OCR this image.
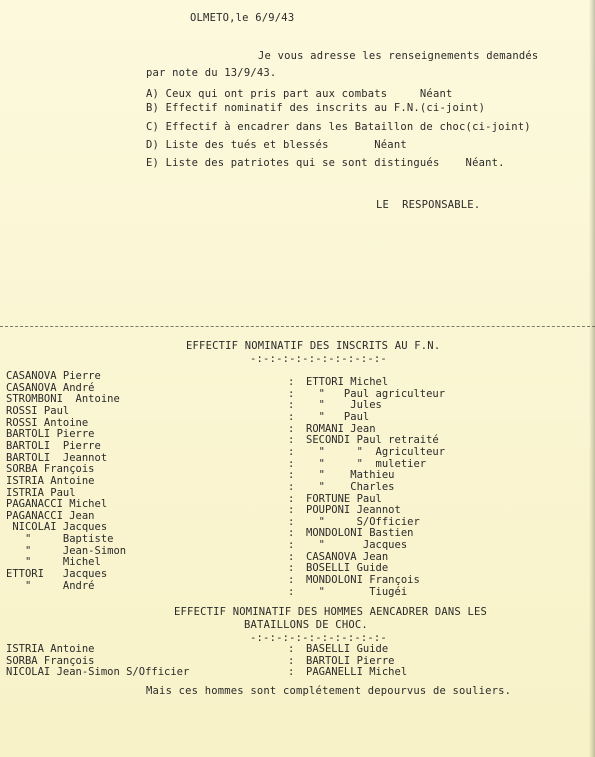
OLMETO,le 6/9/43
Je vous adresse les renseignements demandés
par note du 13/9/43.
A) Ceux qui ont pris part aux combats     Néant
B) Effectif nominatif des inscrits au F.N.(ci-joint)
C) Effectif à encadrer dans les Bataillon de choc(ci-joint)
D) Liste des tués et blessés       Néant
E) Liste des patriotes qui se sont distingués    Néant.
LE  RESPONSABLE.
EFFECTIF NOMINATIF DES INSCRITS AU F.N.
-:-:-:-:-:-:-:-:-:-:-
CASANOVA Pierre
CASANOVA André
STROMBONI  Antoine
ROSSI Paul
ROSSI Antoine
BARTOLI Pierre
BARTOLI  Pierre
BARTOLI  Jeannot
SORBA François
ISTRIA Antoine
ISTRIA Paul
PAGANACCI Michel
PAGANACCI Jean
NICOLAI Jacques
"     Baptiste
"     Jean-Simon
"     Michel
ETTORI   Jacques
"     André
:
:
:
:
:
:
:
:
:
:
:
:
:
:
:
:
:
:
:
ETTORI Michel
"   Paul agriculteur
"    Jules
"   Paul
ROMANI Jean
SECONDI Paul retraité
"     "  Agriculteur
"     "  muletier
"    Mathieu
"    Charles
FORTUNE Paul
POUPONI Jeannot
"     S/Officier
MONDOLONI Bastien
"      Jacques
CASANOVA Jean
BOSELLI Guide
MONDOLONI François
"       Tiugéi
EFFECTIF NOMINATIF DES HOMMES AENCADRER DANS LES
BATAILLONS DE CHOC.
-:-:-:-:-:-:-:-:-:-:-
ISTRIA Antoine
SORBA François
NICOLAI Jean-Simon S/Officier
:
:
:
BASELLI Guide
BARTOLI Pierre
PAGANELLI Michel
Mais ces hommes sont complétement depourvus de souliers.
